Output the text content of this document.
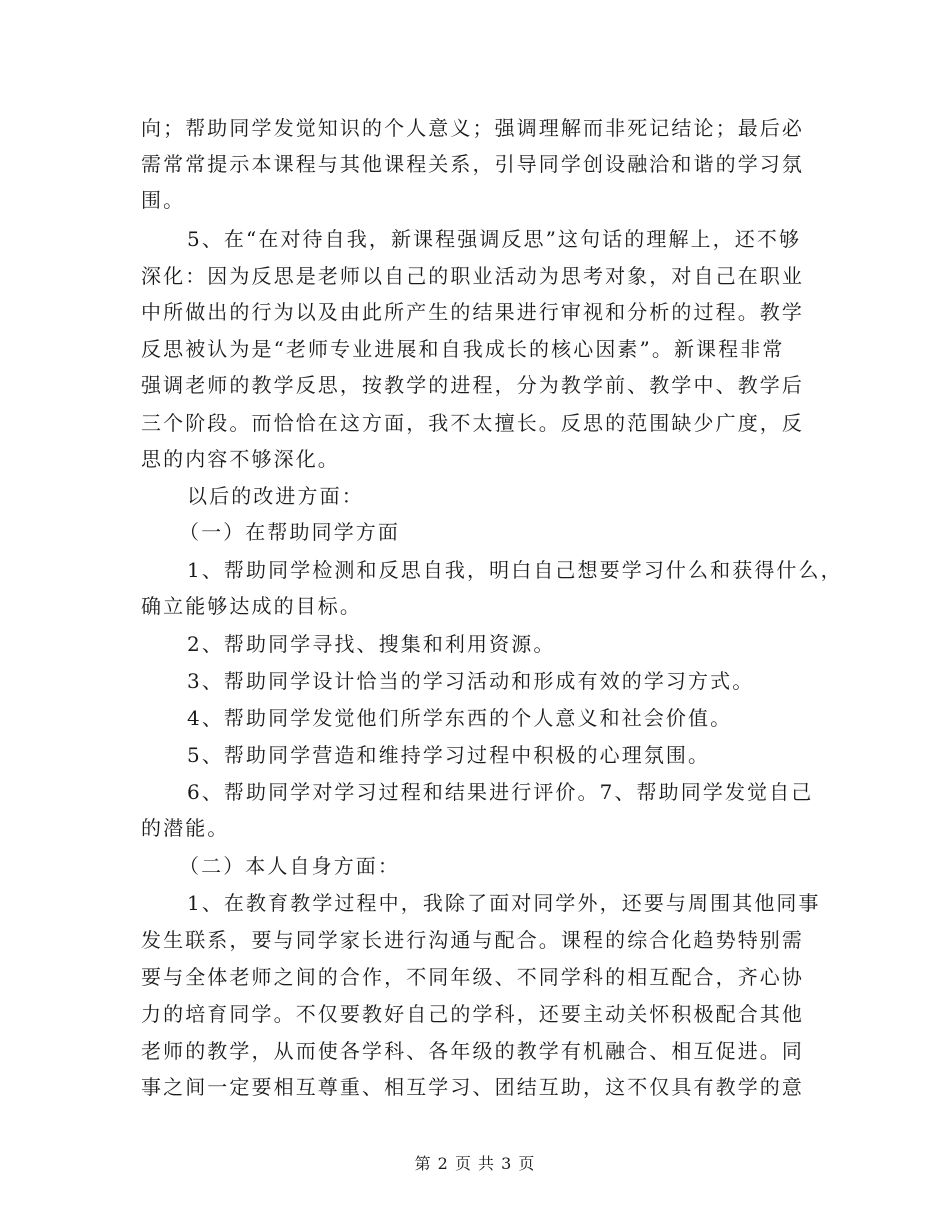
向；帮助同学发觉知识的个人意义；强调理解而非死记结论；最后必
需常常提示本课程与其他课程关系，引导同学创设融洽和谐的学习氛
围。
5、在“在对待自我，新课程强调反思”这句话的理解上，还不够
深化：因为反思是老师以自己的职业活动为思考对象，对自己在职业
中所做出的行为以及由此所产生的结果进行审视和分析的过程。教学
反思被认为是“老师专业进展和自我成长的核心因素”。新课程非常
强调老师的教学反思，按教学的进程，分为教学前、教学中、教学后
三个阶段。而恰恰在这方面，我不太擅长。反思的范围缺少广度，反
思的内容不够深化。
以后的改进方面：
（一）在帮助同学方面
1、帮助同学检测和反思自我，明白自己想要学习什么和获得什么，
确立能够达成的目标。
2、帮助同学寻找、搜集和利用资源。
3、帮助同学设计恰当的学习活动和形成有效的学习方式。
4、帮助同学发觉他们所学东西的个人意义和社会价值。
5、帮助同学营造和维持学习过程中积极的心理氛围。
6、帮助同学对学习过程和结果进行评价。7、帮助同学发觉自己
的潜能。
（二）本人自身方面：
1、在教育教学过程中，我除了面对同学外，还要与周围其他同事
发生联系，要与同学家长进行沟通与配合。课程的综合化趋势特别需
要与全体老师之间的合作，不同年级、不同学科的相互配合，齐心协
力的培育同学。不仅要教好自己的学科，还要主动关怀积极配合其他
老师的教学，从而使各学科、各年级的教学有机融合、相互促进。同
事之间一定要相互尊重、相互学习、团结互助，这不仅具有教学的意
第 2 页 共 3 页
